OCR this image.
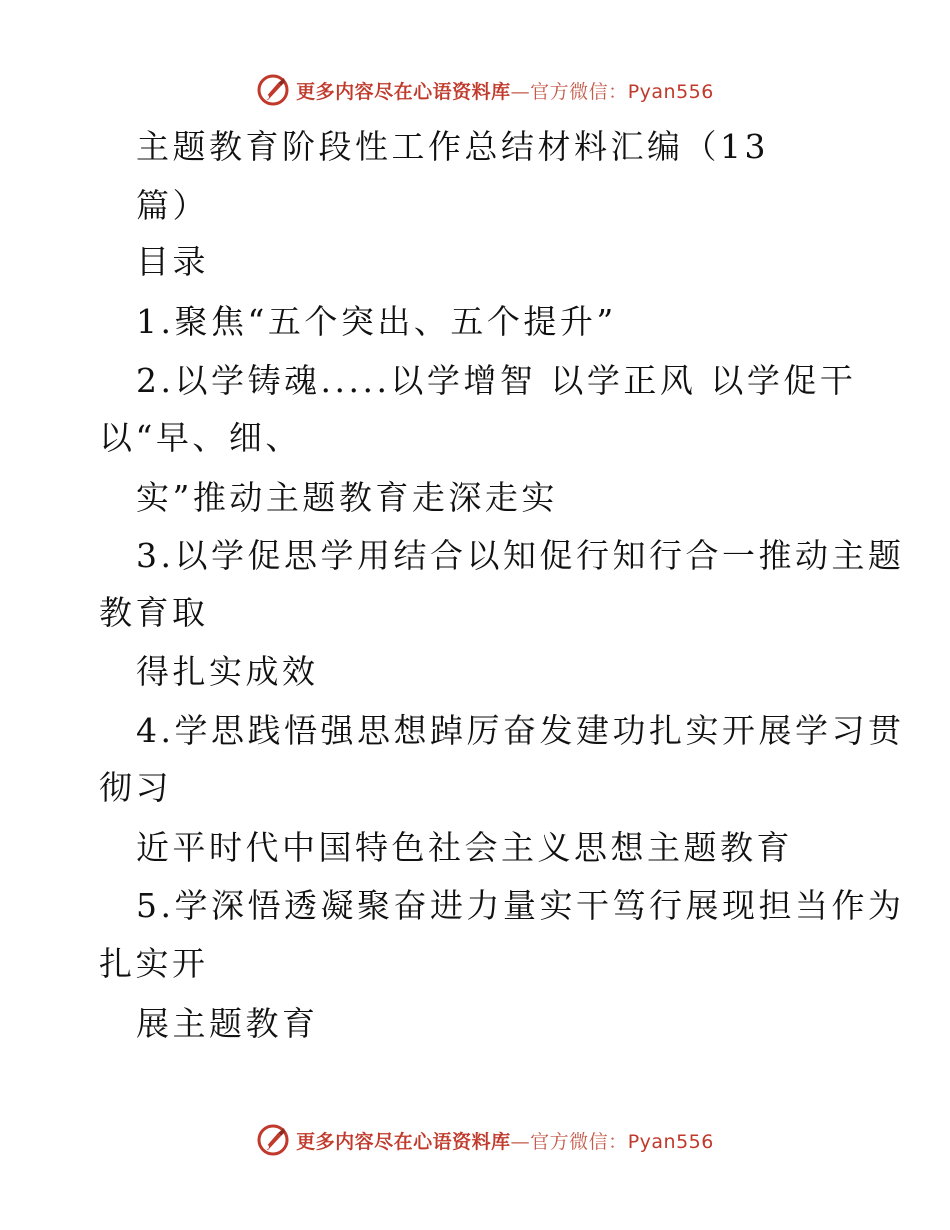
更多内容尽在心语资料库—官方微信：Pyan556
主题教育阶段性工作总结材料汇编（13
篇）
目录
1.聚焦“五个突出、五个提升”
2.以学铸魂.....以学增智 以学正风 以学促干
以“早、细、
实”推动主题教育走深走实
3.以学促思学用结合以知促行知行合一推动主题
教育取
得扎实成效
4.学思践悟强思想踔厉奋发建功扎实开展学习贯
彻习
近平时代中国特色社会主义思想主题教育
5.学深悟透凝聚奋进力量实干笃行展现担当作为
扎实开
展主题教育
更多内容尽在心语资料库—官方微信：Pyan556
